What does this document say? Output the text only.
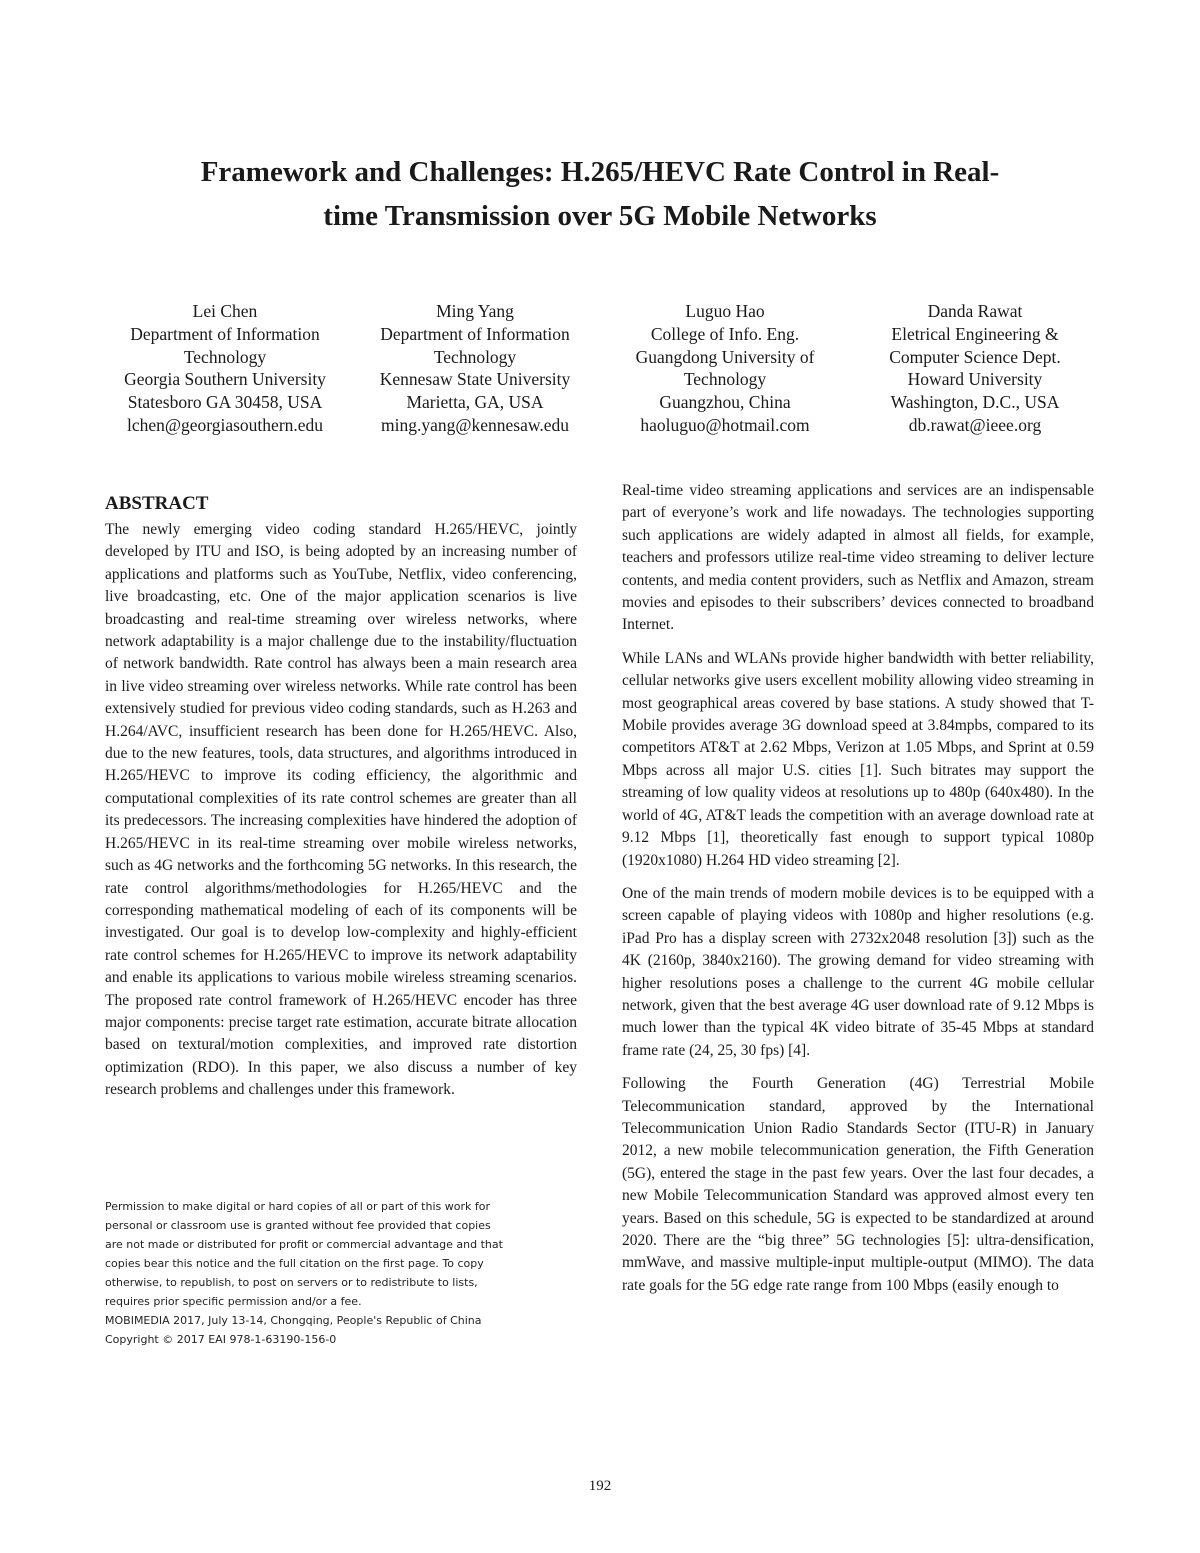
Framework and Challenges: H.265/HEVC Rate Control in Real-
time Transmission over 5G Mobile Networks
Lei Chen
Department of Information
Technology
Georgia Southern University
Statesboro GA 30458, USA
lchen@georgiasouthern.edu
Ming Yang
Department of Information
Technology
Kennesaw State University
Marietta, GA, USA
ming.yang@kennesaw.edu
Luguo Hao
College of Info. Eng.
Guangdong University of
Technology
Guangzhou, China
haoluguo@hotmail.com
Danda Rawat
Eletrical Engineering &
Computer Science Dept.
Howard University
Washington, D.C., USA
db.rawat@ieee.org
ABSTRACT

The newly emerging video coding standard H.265/HEVC, jointly developed by ITU and ISO, is being adopted by an increasing number of applications and platforms such as YouTube, Netflix, video conferencing, live broadcasting, etc. One of the major application scenarios is live broadcasting and real-time streaming over wireless networks, where network adaptability is a major challenge due to the instability/fluctuation of network bandwidth. Rate control has always been a main research area in live video streaming over wireless networks. While rate control has been extensively studied for previous video coding standards, such as H.263 and H.264/AVC, insufficient research has been done for H.265/HEVC. Also, due to the new features, tools, data structures, and algorithms introduced in H.265/HEVC to improve its coding efficiency, the algorithmic and computational complexities of its rate control schemes are greater than all its predecessors. The increasing complexities have hindered the adoption of H.265/HEVC in its real-time streaming over mobile wireless networks, such as 4G networks and the forthcoming 5G networks. In this research, the rate control algorithms/methodologies for H.265/HEVC and the corresponding mathematical modeling of each of its components will be investigated. Our goal is to develop low-complexity and highly-efficient rate control schemes for H.265/HEVC to improve its network adaptability and enable its applications to various mobile wireless streaming scenarios. The proposed rate control framework of H.265/HEVC encoder has three major components: precise target rate estimation, accurate bitrate allocation based on textural/motion complexities, and improved rate distortion optimization (RDO). In this paper, we also discuss a number of key research problems and challenges under this framework.

Permission to make digital or hard copies of all or part of this work for
personal or classroom use is granted without fee provided that copies
are not made or distributed for profit or commercial advantage and that
copies bear this notice and the full citation on the first page. To copy
otherwise, to republish, to post on servers or to redistribute to lists,
requires prior specific permission and/or a fee.
MOBIMEDIA 2017, July 13-14, Chongqing, People's Republic of China
Copyright © 2017 EAI 978-1-63190-156-0

Real-time video streaming applications and services are an indispensable part of everyone’s work and life nowadays. The technologies supporting such applications are widely adapted in almost all fields, for example, teachers and professors utilize real-time video streaming to deliver lecture contents, and media content providers, such as Netflix and Amazon, stream movies and episodes to their subscribers’ devices connected to broadband Internet.

While LANs and WLANs provide higher bandwidth with better reliability, cellular networks give users excellent mobility allowing video streaming in most geographical areas covered by base stations. A study showed that T-Mobile provides average 3G download speed at 3.84mpbs, compared to its competitors AT&T at 2.62 Mbps, Verizon at 1.05 Mbps, and Sprint at 0.59 Mbps across all major U.S. cities [1]. Such bitrates may support the streaming of low quality videos at resolutions up to 480p (640x480). In the world of 4G, AT&T leads the competition with an average download rate at 9.12 Mbps [1], theoretically fast enough to support typical 1080p (1920x1080) H.264 HD video streaming [2].

One of the main trends of modern mobile devices is to be equipped with a screen capable of playing videos with 1080p and higher resolutions (e.g. iPad Pro has a display screen with 2732x2048 resolution [3]) such as the 4K (2160p, 3840x2160). The growing demand for video streaming with higher resolutions poses a challenge to the current 4G mobile cellular network, given that the best average 4G user download rate of 9.12 Mbps is much lower than the typical 4K video bitrate of 35-45 Mbps at standard frame rate (24, 25, 30 fps) [4].

Following the Fourth Generation (4G) Terrestrial Mobile Telecommunication standard, approved by the International Telecommunication Union Radio Standards Sector (ITU-R) in January 2012, a new mobile telecommunication generation, the Fifth Generation (5G), entered the stage in the past few years. Over the last four decades, a new Mobile Telecommunication Standard was approved almost every ten years. Based on this schedule, 5G is expected to be standardized at around 2020. There are the “big three” 5G technologies [5]: ultra-densification, mmWave, and massive multiple-input multiple-output (MIMO). The data rate goals for the 5G edge rate range from 100 Mbps (easily enough to

192
